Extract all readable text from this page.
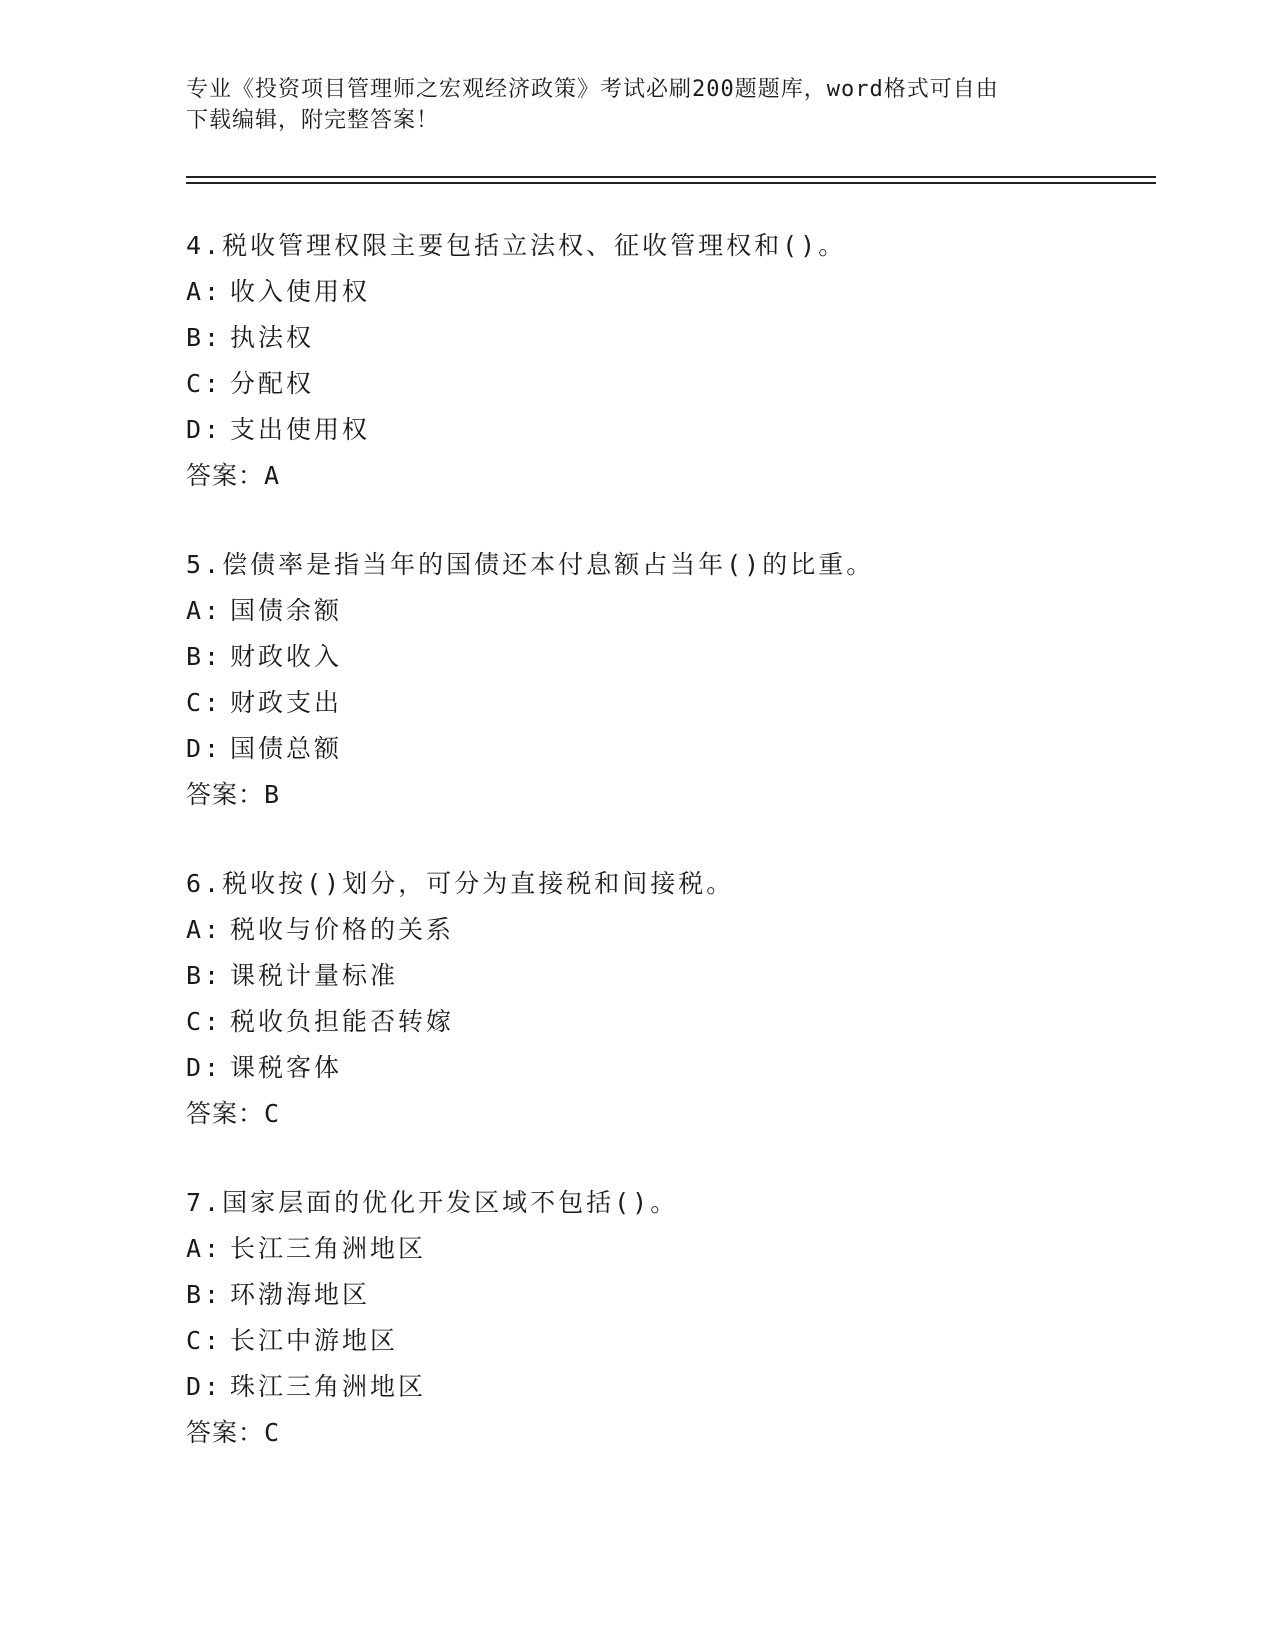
专业《投资项目管理师之宏观经济政策》考试必刷200题题库，word格式可自由
下载编辑，附完整答案！
4.税收管理权限主要包括立法权、征收管理权和()。
A: 收入使用权
B: 执法权
C: 分配权
D: 支出使用权
答案：A
5.偿债率是指当年的国债还本付息额占当年()的比重。
A: 国债余额
B: 财政收入
C: 财政支出
D: 国债总额
答案：B
6.税收按()划分，可分为直接税和间接税。
A: 税收与价格的关系
B: 课税计量标准
C: 税收负担能否转嫁
D: 课税客体
答案：C
7.国家层面的优化开发区域不包括()。
A: 长江三角洲地区
B: 环渤海地区
C: 长江中游地区
D: 珠江三角洲地区
答案：C
